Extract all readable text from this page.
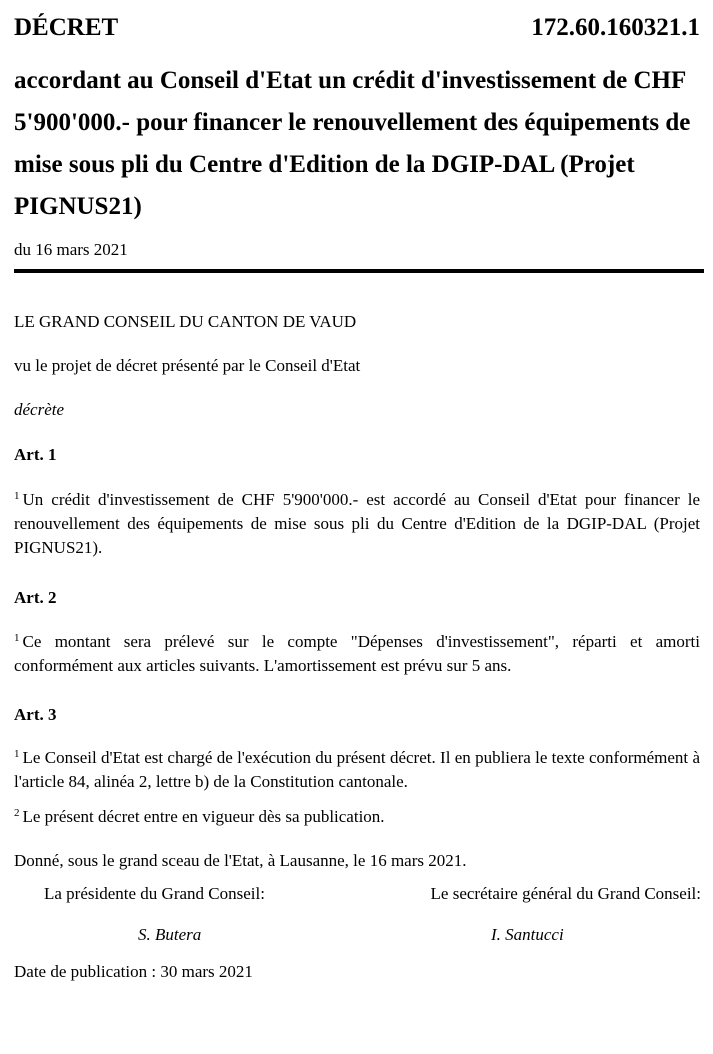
DÉCRET	172.60.160321.1
accordant au Conseil d'Etat un crédit d'investissement de CHF 5'900'000.- pour financer le renouvellement des équipements de mise sous pli du Centre d'Edition de la DGIP-DAL (Projet PIGNUS21)
du 16 mars 2021
LE GRAND CONSEIL DU CANTON DE VAUD
vu le projet de décret présenté par le Conseil d'Etat
décrète
Art. 1
$^1$ Un crédit d'investissement de CHF 5'900'000.- est accordé au Conseil d'Etat pour financer le renouvellement des équipements de mise sous pli du Centre d'Edition de la DGIP-DAL (Projet PIGNUS21).
Art. 2
$^1$ Ce montant sera prélevé sur le compte "Dépenses d'investissement", réparti et amorti conformément aux articles suivants. L'amortissement est prévu sur 5 ans.
Art. 3
$^1$ Le Conseil d'Etat est chargé de l'exécution du présent décret. Il en publiera le texte conformément à l'article 84, alinéa 2, lettre b) de la Constitution cantonale.
$^2$ Le présent décret entre en vigueur dès sa publication.
Donné, sous le grand sceau de l'Etat, à Lausanne, le 16 mars 2021.
La présidente du Grand Conseil:	Le secrétaire général du Grand Conseil:
S. Butera	I. Santucci
Date de publication : 30 mars 2021
